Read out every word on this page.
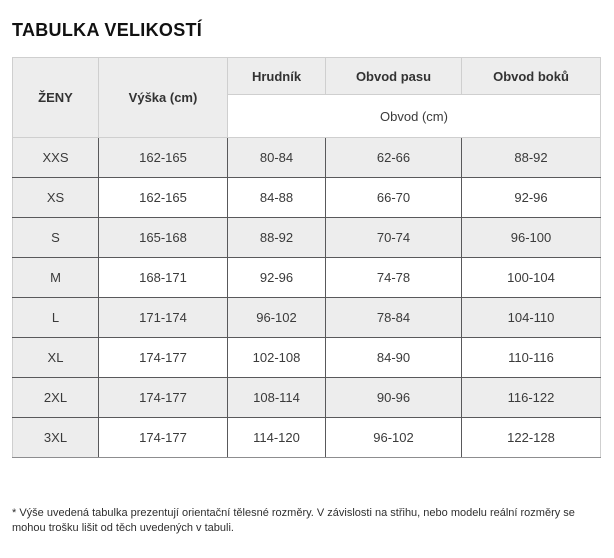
TABULKA VELIKOSTÍ
ŽENY	Výška (cm)	Hrudník	Obvod pasu	Obvod boků
		Obvod (cm)		
XXS	162-165	80-84	62-66	88-92
XS	162-165	84-88	66-70	92-96
S	165-168	88-92	70-74	96-100
M	168-171	92-96	74-78	100-104
L	171-174	96-102	78-84	104-110
XL	174-177	102-108	84-90	110-116
2XL	174-177	108-114	90-96	116-122
3XL	174-177	114-120	96-102	122-128

* Výše uvedená tabulka prezentují orientační tělesné rozměry. V závislosti na střihu, nebo modelu reální rozměry se mohou trošku lišit od těch uvedených v tabuli.
